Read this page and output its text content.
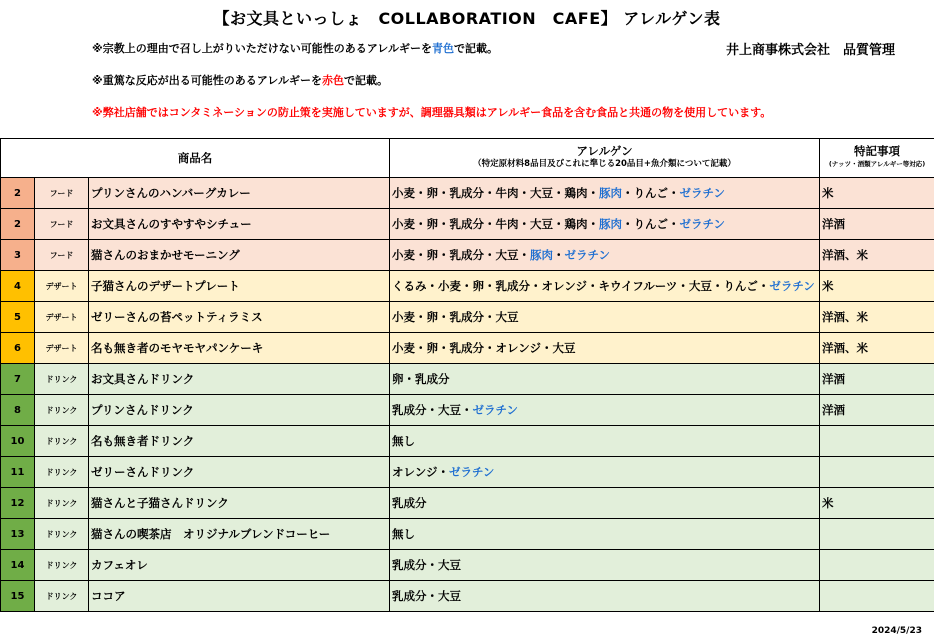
【お文具といっしょ　COLLABORATION　CAFE】 アレルゲン表
※宗教上の理由で召し上がりいただけない可能性のあるアレルギーを青色で記載。	井上商事株式会社　品質管理
※重篤な反応が出る可能性のあるアレルギーを赤色で記載。
※弊社店舗ではコンタミネーションの防止策を実施していますが、調理器具類はアレルギー食品を含む食品と共通の物を使用しています。
商品名			アレルゲン
（特定原材料8品目及びこれに準じる20品目+魚介類について記載）	特記事項
(ナッツ・酒類アレルギー等対応)

2	フード	プリンさんのハンバーグカレー	小麦・卵・乳成分・牛肉・大豆・鶏肉・豚肉・りんご・ゼラチン	米
2	フード	お文具さんのすやすやシチュー	小麦・卵・乳成分・牛肉・大豆・鶏肉・豚肉・りんご・ゼラチン	洋酒
3	フード	猫さんのおまかせモーニング	小麦・卵・乳成分・大豆・豚肉・ゼラチン	洋酒、米
4	デザート	子猫さんのデザートプレート	くるみ・小麦・卵・乳成分・オレンジ・キウイフルーツ・大豆・りんご・ゼラチン	米
5	デザート	ゼリーさんの苔ペットティラミス	小麦・卵・乳成分・大豆	洋酒、米
6	デザート	名も無き者のモヤモヤパンケーキ	小麦・卵・乳成分・オレンジ・大豆	洋酒、米
7	ドリンク	お文具さんドリンク	卵・乳成分	洋酒
8	ドリンク	プリンさんドリンク	乳成分・大豆・ゼラチン	洋酒
10	ドリンク	名も無き者ドリンク	無し	
11	ドリンク	ゼリーさんドリンク	オレンジ・ゼラチン	
12	ドリンク	猫さんと子猫さんドリンク	乳成分	米
13	ドリンク	猫さんの喫茶店　オリジナルブレンドコーヒー	無し	
14	ドリンク	カフェオレ	乳成分・大豆	
15	ドリンク	ココア	乳成分・大豆	
2024/5/23
